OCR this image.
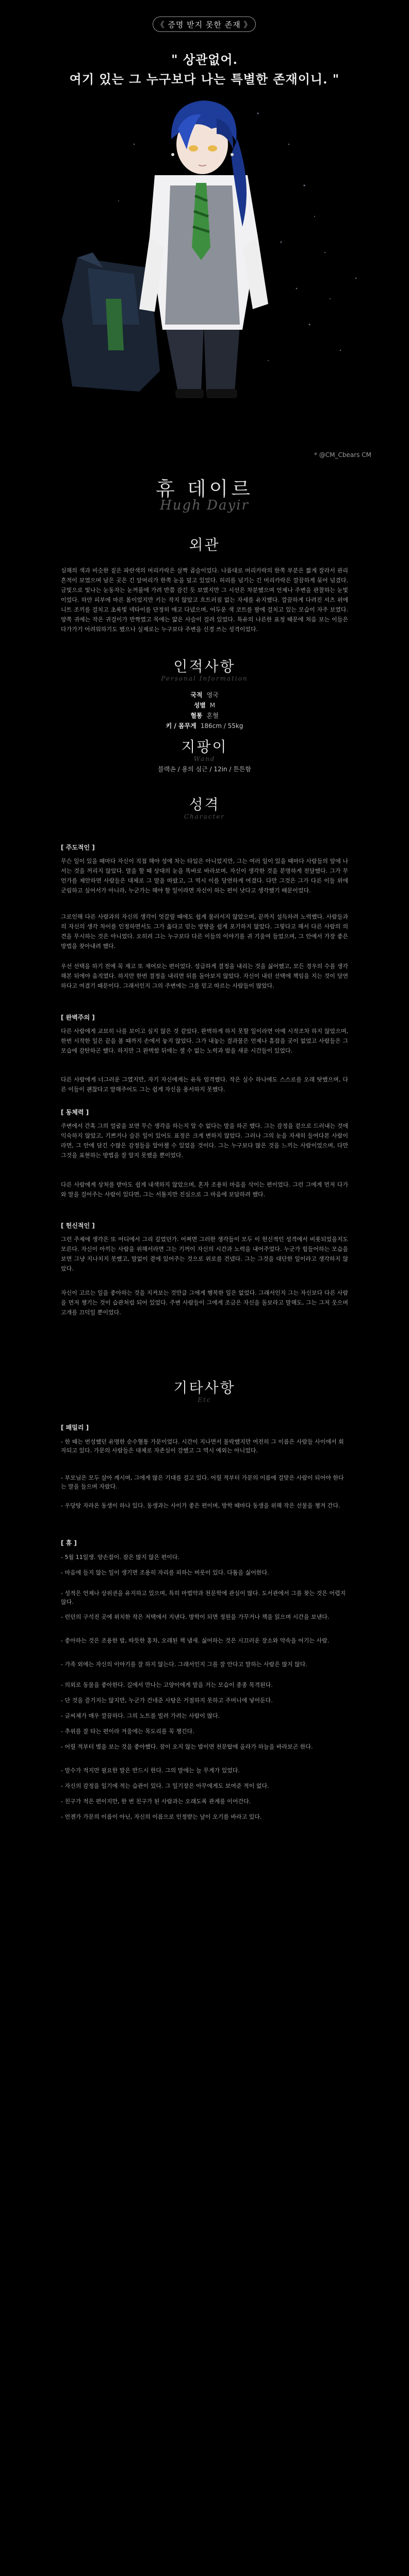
《 증명 받지 못한 존재 》
" 상관없어.
여기 있는 그 누구보다 나는 특별한 존재이니. "
* @CM_Cbears CM
휴 데이르
Hugh Dayir
외관

심해의 색과 비슷한 짙은 파란색의 머리카락은 살짝 곱슬이었다. 나름대로 머리카락의 한쪽 부분은 짧게 잘라서 관리 흔적이 보였으며 남은 곳은 긴 앞머리가 한쪽 눈을 덮고 있었다. 허리를 넘기는 긴 머리카락은 깔끔하게 묶어 넘겼다. 금빛으로 빛나는 눈동자는 눈꺼풀에 가려 반쯤 감긴 듯 보였지만 그 시선은 차분했으며 언제나 주변을 관찰하는 눈빛이었다. 하얀 피부에 마른 몸이었지만 키는 작지 않았고 흐트러짐 없는 자세를 유지했다. 깔끔하게 다려진 셔츠 위에 니트 조끼를 걸치고 초록빛 넥타이를 단정히 매고 다녔으며, 어두운 색 코트를 팔에 걸치고 있는 모습이 자주 보였다. 양쪽 귀에는 작은 귀걸이가 반짝였고 목에는 얇은 사슬이 걸려 있었다. 특유의 나른한 표정 때문에 처음 보는 이들은 다가가기 어려워하기도 했으나 실제로는 누구보다 주변을 신경 쓰는 성격이었다.

인적사항
Personal Information
국적 영국
성별 M
혈통 혼혈
키 / 몸무게 186cm / 55kg
지팡이
Wand
블랙손 / 용의 심근 / 12in / 튼튼함
성격
Character
[ 주도적인 ]

무슨 일이 있을 때마다 자신이 직접 해야 성에 차는 타입은 아니었지만, 그는 여러 일이 있을 때마다 사람들의 앞에 나서는 것을 꺼리지 않았다. 말을 할 때 상대의 눈을 똑바로 바라보며, 자신이 생각한 것을 분명하게 전달했다. 그가 무언가를 제안하면 사람들은 대체로 그 말을 따랐고, 그 역시 이를 당연하게 여겼다. 다만 그것은 그가 다른 이들 위에 군림하고 싶어서가 아니라, 누군가는 해야 할 일이라면 자신이 하는 편이 낫다고 생각했기 때문이었다.

그로인해 다른 사람과의 자신의 생각이 엇갈릴 때에도 쉽게 물러서지 않았으며, 끝까지 설득하려 노력했다. 사람들과의 자신의 생각 차이를 인정하면서도 그가 옳다고 믿는 방향을 쉽게 포기하지 않았다. 그렇다고 해서 다른 사람의 의견을 무시하는 것은 아니었다. 오히려 그는 누구보다 다른 이들의 이야기를 귀 기울여 들었으며, 그 안에서 가장 좋은 방법을 찾아내려 했다.

우선 선택을 하기 전에 꼭 재고 또 재어보는 편이었다. 성급하게 결정을 내리는 것을 싫어했고, 모든 경우의 수를 생각해본 뒤에야 움직였다. 하지만 한번 결정을 내리면 뒤를 돌아보지 않았다. 자신이 내린 선택에 책임을 지는 것이 당연하다고 여겼기 때문이다. 그래서인지 그의 주변에는 그를 믿고 따르는 사람들이 많았다.

[ 완벽주의 ]

다른 사람에게 교묘히 나를 보이고 싶지 않은 것 같았다. 완벽하게 하지 못할 일이라면 아예 시작조차 하지 않았으며, 한번 시작한 일은 끝을 볼 때까지 손에서 놓지 않았다. 그가 내놓는 결과물은 언제나 흠잡을 곳이 없었고 사람들은 그 모습에 감탄하곤 했다. 하지만 그 완벽함 뒤에는 셀 수 없는 노력과 밤을 새운 시간들이 있었다.

다른 사람에게 너그러운 그였지만, 자기 자신에게는 유독 엄격했다. 작은 실수 하나에도 스스로를 오래 탓했으며, 다른 이들이 괜찮다고 말해주어도 그는 쉽게 자신을 용서하지 못했다.

[ 동체력 ]

주변에서 간혹 그의 얼굴을 보면 무슨 생각을 하는지 알 수 없다는 말을 하곤 했다. 그는 감정을 겉으로 드러내는 것에 익숙하지 않았고, 기쁘거나 슬픈 일이 있어도 표정은 크게 변하지 않았다. 그러나 그의 눈을 자세히 들여다본 사람이라면, 그 안에 담긴 수많은 감정들을 알아챌 수 있었을 것이다. 그는 누구보다 많은 것을 느끼는 사람이었으며, 다만 그것을 표현하는 방법을 잘 알지 못했을 뿐이었다.

다른 사람에게 상처를 받아도 쉽게 내색하지 않았으며, 혼자 조용히 마음을 삭이는 편이었다. 그런 그에게 먼저 다가와 말을 걸어주는 사람이 있다면, 그는 서툴지만 진심으로 그 마음에 보답하려 했다.

[ 헌신적인 ]

그런 주제에 생각은 또 어디에서 그리 깊었던가. 어쩌면 그러한 생각들이 모두 이 헌신적인 성격에서 비롯되었을지도 모른다. 자신이 아끼는 사람을 위해서라면 그는 기꺼이 자신의 시간과 노력을 내어주었다. 누군가 힘들어하는 모습을 보면 그냥 지나치지 못했고, 말없이 곁에 있어주는 것으로 위로를 건넸다. 그는 그것을 대단한 일이라고 생각하지 않았다.

자신이 고르는 일을 좋아하는 것을 지켜보는 것만큼 그에게 행복한 일은 없었다. 그래서인지 그는 자신보다 다른 사람을 먼저 챙기는 것이 습관처럼 되어 있었다. 주변 사람들이 그에게 조금은 자신을 돌보라고 말해도, 그는 그저 웃으며 고개를 끄덕일 뿐이었다.

기타사항
Etc
[ 패밀리 ]

- 한 때는 번성했던 유명한 순수혈통 가문이었다. 시간이 지나면서 몰락했지만 여전히 그 이름은 사람들 사이에서 회자되고 있다. 가문의 사람들은 대체로 자존심이 강했고 그 역시 예외는 아니었다.

- 부모님은 모두 살아 계시며, 그에게 많은 기대를 걸고 있다. 어릴 적부터 가문의 이름에 걸맞은 사람이 되어야 한다는 말을 들으며 자랐다.

- 우당탕 자라온 동생이 하나 있다. 동생과는 사이가 좋은 편이며, 방학 때마다 동생을 위해 작은 선물을 챙겨 간다.

[ 휴 ]

- 5월 11일생. 양손잡이. 잠은 많지 않은 편이다.

- 마음에 들지 않는 일이 생기면 조용히 자리를 피하는 버릇이 있다. 다툼을 싫어한다.

- 성적은 언제나 상위권을 유지하고 있으며, 특히 마법약과 천문학에 관심이 많다. 도서관에서 그를 찾는 것은 어렵지 않다.

- 런던의 구석진 곳에 위치한 작은 저택에서 지낸다. 방학이 되면 정원을 가꾸거나 책을 읽으며 시간을 보낸다.

- 좋아하는 것은 조용한 밤, 따뜻한 홍차, 오래된 책 냄새. 싫어하는 것은 시끄러운 장소와 약속을 어기는 사람.

- 가족 외에는 자신의 이야기를 잘 하지 않는다. 그래서인지 그를 잘 안다고 말하는 사람은 많지 않다.

- 의외로 동물을 좋아한다. 길에서 만나는 고양이에게 말을 거는 모습이 종종 목격된다.

- 단 것을 즐기지는 않지만, 누군가 건네준 사탕은 거절하지 못하고 주머니에 넣어둔다.

- 글씨체가 매우 깔끔하다. 그의 노트를 빌려 가려는 사람이 많다.

- 추위를 잘 타는 편이라 겨울에는 목도리를 꼭 챙긴다.

- 어릴 적부터 별을 보는 것을 좋아했다. 잠이 오지 않는 밤이면 천문탑에 올라가 하늘을 바라보곤 한다.

- 말수가 적지만 필요한 말은 반드시 한다. 그의 말에는 늘 무게가 있었다.

- 자신의 감정을 일기에 적는 습관이 있다. 그 일기장은 아무에게도 보여준 적이 없다.

- 친구가 적은 편이지만, 한 번 친구가 된 사람과는 오래도록 관계를 이어간다.

- 언젠가 가문의 이름이 아닌, 자신의 이름으로 인정받는 날이 오기를 바라고 있다.
